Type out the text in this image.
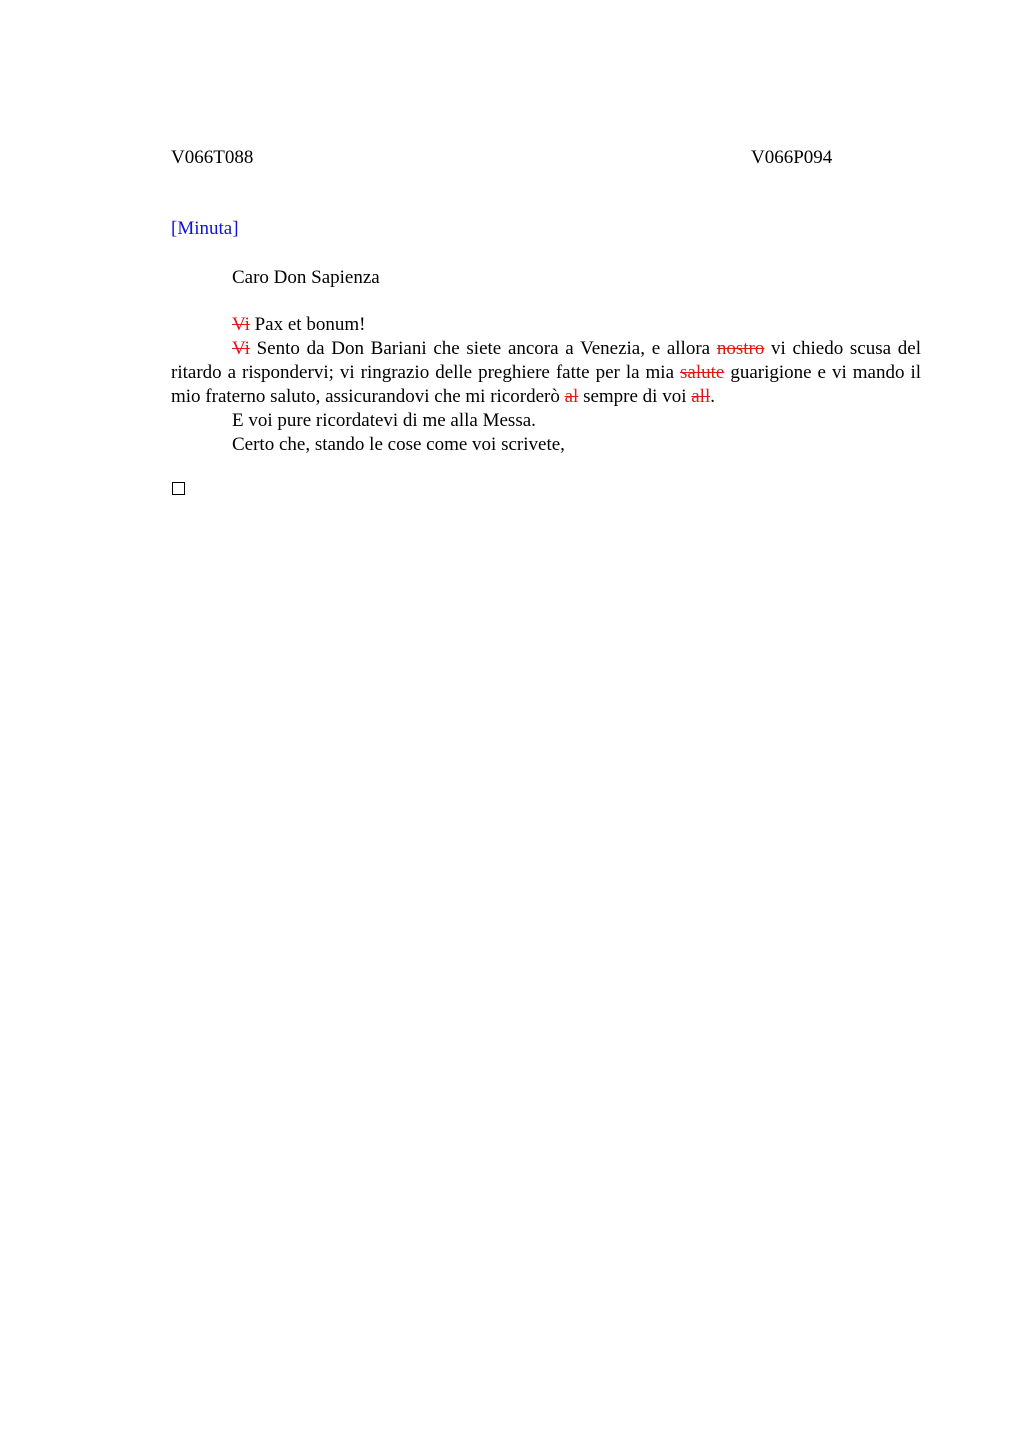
V066T088	V066P094
[Minuta]

Caro Don Sapienza

Vi Pax et bonum!

Vi Sento da Don Bariani che siete ancora a Venezia, e allora nostro vi chiedo scusa del ritardo a rispondervi; vi ringrazio delle preghiere fatte per la mia salute guarigione e vi mando il mio fraterno saluto, assicurandovi che mi ricorderò al sempre di voi all.

E voi pure ricordatevi di me alla Messa.

Certo che, stando le cose come voi scrivete,
